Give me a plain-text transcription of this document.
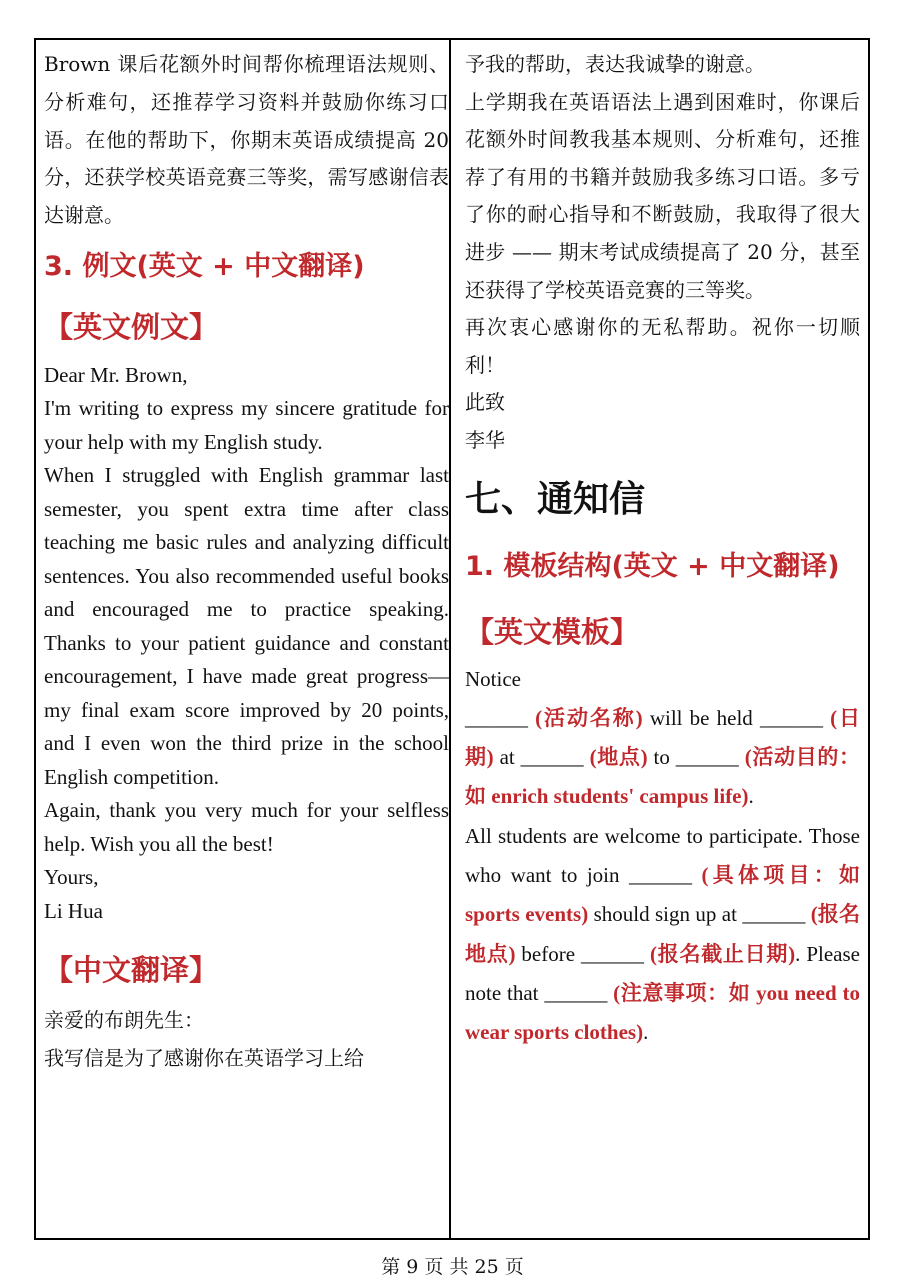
Brown 课后花额外时间帮你梳理语法规则、分析难句，还推荐学习资料并鼓励你练习口语。在他的帮助下，你期末英语成绩提高 20 分，还获学校英语竞赛三等奖，需写感谢信表达谢意。

3. 例文(英文 + 中文翻译)
【英文例文】

Dear Mr. Brown,

I'm writing to express my sincere gratitude for your help with my English study.

When I struggled with English grammar last semester, you spent extra time after class teaching me basic rules and analyzing difficult sentences. You also recommended useful books and encouraged me to practice speaking. Thanks to your patient guidance and constant encouragement, I have made great progress—my final exam score improved by 20 points, and I even won the third prize in the school English competition.

Again, thank you very much for your selfless help. Wish you all the best!

Yours,

Li Hua

【中文翻译】

亲爱的布朗先生：

我写信是为了感谢你在英语学习上给

予我的帮助，表达我诚挚的谢意。

上学期我在英语语法上遇到困难时，你课后花额外时间教我基本规则、分析难句，还推荐了有用的书籍并鼓励我多练习口语。多亏了你的耐心指导和不断鼓励，我取得了很大进步 —— 期末考试成绩提高了 20 分，甚至还获得了学校英语竞赛的三等奖。

再次衷心感谢你的无私帮助。祝你一切顺利！

此致

李华

七、通知信
1. 模板结构(英文 + 中文翻译)
【英文模板】

Notice

______ (活动名称) will be held ______ (日期) at ______ (地点) to ______ (活动目的：如 enrich students' campus life).

All students are welcome to participate. Those who want to join ______ (具体项目：如 sports events) should sign up at ______ (报名地点) before ______ (报名截止日期). Please note that ______ (注意事项：如 you need to wear sports clothes).

第 9 页 共 25 页
